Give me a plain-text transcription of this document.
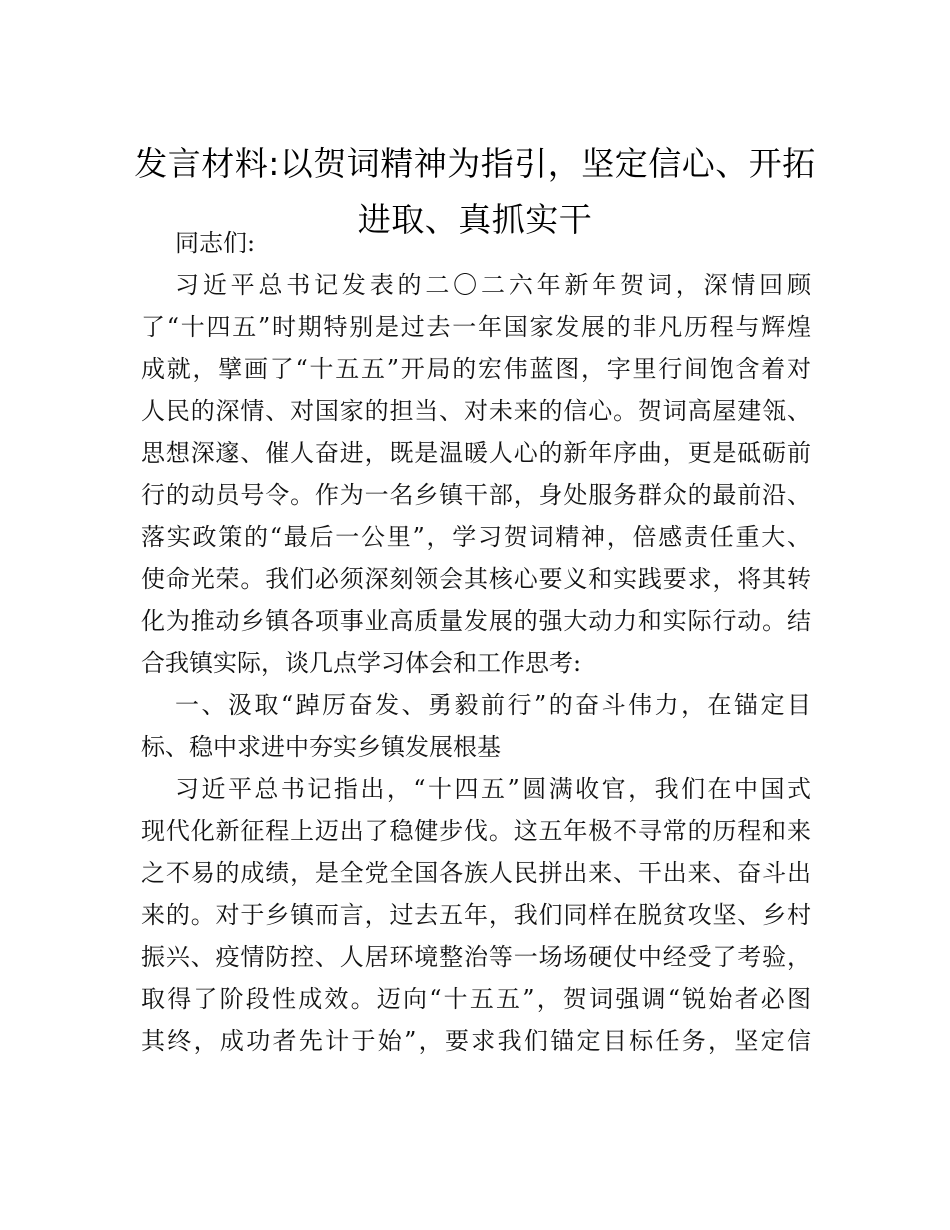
发言材料:以贺词精神为指引，坚定信心、开拓
进取、真抓实干
同志们:
习近平总书记发表的二〇二六年新年贺词，深情回顾
了“十四五”时期特别是过去一年国家发展的非凡历程与辉煌
成就，擘画了“十五五”开局的宏伟蓝图，字里行间饱含着对
人民的深情、对国家的担当、对未来的信心。贺词高屋建瓴、
思想深邃、催人奋进，既是温暖人心的新年序曲，更是砥砺前
行的动员号令。作为一名乡镇干部，身处服务群众的最前沿、
落实政策的“最后一公里”，学习贺词精神，倍感责任重大、
使命光荣。我们必须深刻领会其核心要义和实践要求，将其转
化为推动乡镇各项事业高质量发展的强大动力和实际行动。结
合我镇实际，谈几点学习体会和工作思考:
一、汲取“踔厉奋发、勇毅前行”的奋斗伟力，在锚定目
标、稳中求进中夯实乡镇发展根基
习近平总书记指出，“十四五”圆满收官，我们在中国式
现代化新征程上迈出了稳健步伐。这五年极不寻常的历程和来
之不易的成绩，是全党全国各族人民拼出来、干出来、奋斗出
来的。对于乡镇而言，过去五年，我们同样在脱贫攻坚、乡村
振兴、疫情防控、人居环境整治等一场场硬仗中经受了考验，
取得了阶段性成效。迈向“十五五”，贺词强调“锐始者必图
其终，成功者先计于始”，要求我们锚定目标任务，坚定信
